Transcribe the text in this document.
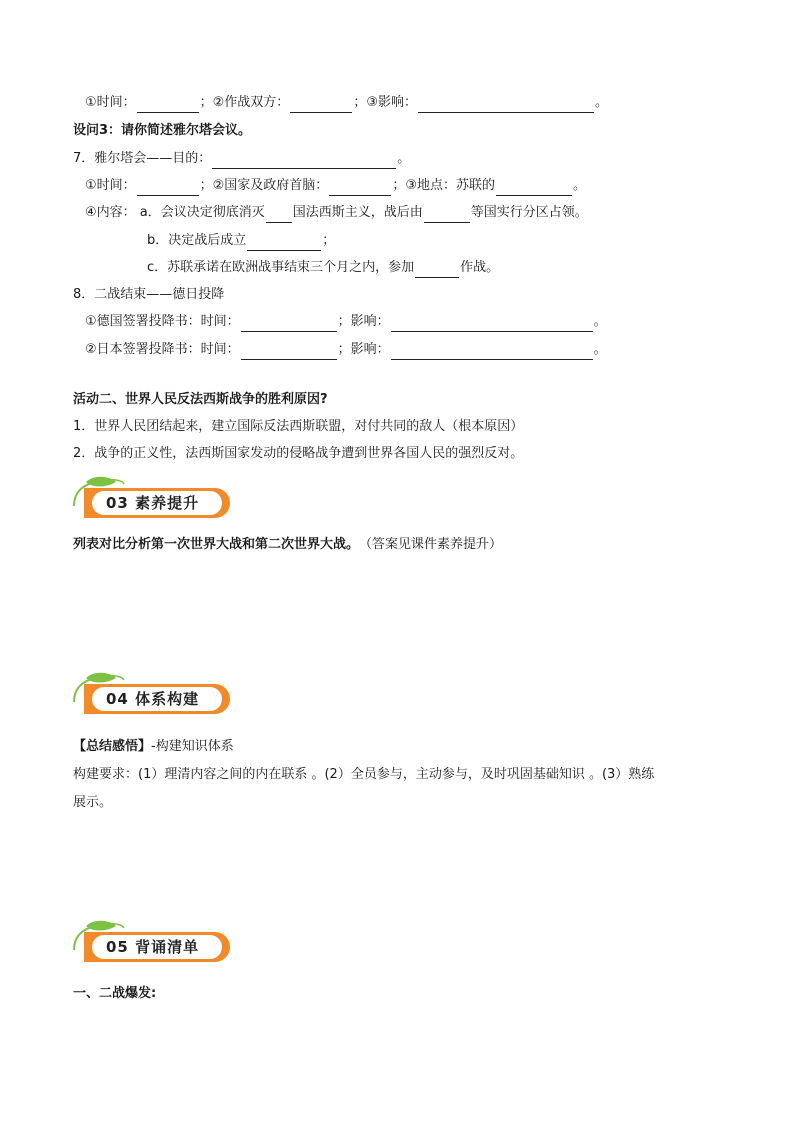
①时间：	；②作战双方：	；③影响：	。
设问3：请你简述雅尔塔会议。
7．雅尔塔会——目的：	。
①时间：	；②国家及政府首脑：	；③地点：苏联的	。
④内容： a．会议决定彻底消灭 国法西斯主义，战后由	等国实行分区占领。
b．决定战后成立	；
c．苏联承诺在欧洲战事结束三个月之内，参加	作战。
8．二战结束——德日投降
①德国签署投降书：时间：	；影响：	。
②日本签署投降书：时间：	；影响：	。
活动二、世界人民反法西斯战争的胜利原因?
1．世界人民团结起来，建立国际反法西斯联盟，对付共同的敌人（根本原因）
2．战争的正义性，法西斯国家发动的侵略战争遭到世界各国人民的强烈反对。
03 素养提升
列表对比分析第一次世界大战和第二次世界大战。 （答案见课件素养提升）
04 体系构建
【总结感悟】 -构建知识体系
构建要求：(1）理清内容之间的内在联系 。(2）全员参与，主动参与，及时巩固基础知识 。(3）熟练
展示。
05 背诵清单
一、二战爆发:
